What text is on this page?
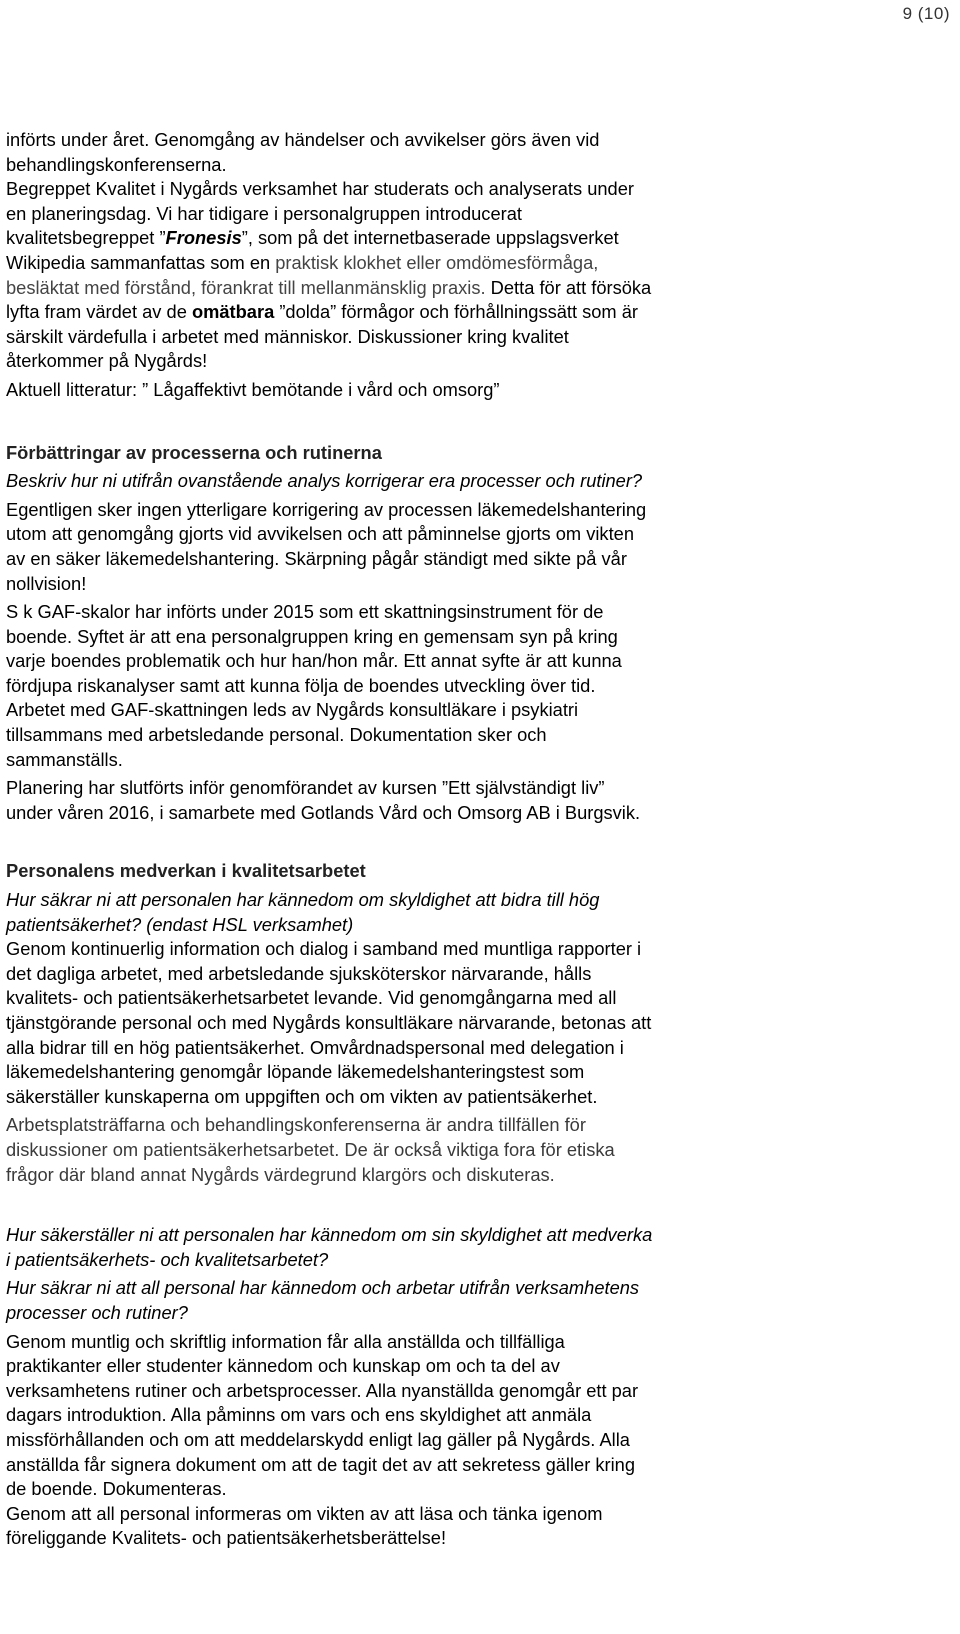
9 (10)

införts under året. Genomgång av händelser och avvikelser görs även vid

behandlingskonferenserna.

Begreppet Kvalitet i Nygårds verksamhet har studerats och analyserats under

en planeringsdag. Vi har tidigare i personalgruppen introducerat

kvalitetsbegreppet ”Fronesis”, som på det internetbaserade uppslagsverket

Wikipedia sammanfattas som en praktisk klokhet eller omdömesförmåga,

besläktat med förstånd, förankrat till mellanmänsklig praxis. Detta för att försöka

lyfta fram värdet av de omätbara ”dolda” förmågor och förhållningssätt som är

särskilt värdefulla i arbetet med människor. Diskussioner kring kvalitet

återkommer på Nygårds!

Aktuell litteratur: ” Lågaffektivt bemötande i vård och omsorg”

Förbättringar av processerna och rutinerna

Beskriv hur ni utifrån ovanstående analys korrigerar era processer och rutiner?

Egentligen sker ingen ytterligare korrigering av processen läkemedelshantering

utom att genomgång gjorts vid avvikelsen och att påminnelse gjorts om vikten

av en säker läkemedelshantering. Skärpning pågår ständigt med sikte på vår

nollvision!

S k GAF-skalor har införts under 2015 som ett skattningsinstrument för de

boende. Syftet är att ena personalgruppen kring en gemensam syn på kring

varje boendes problematik och hur han/hon mår. Ett annat syfte är att kunna

fördjupa riskanalyser samt att kunna följa de boendes utveckling över tid.

Arbetet med GAF-skattningen leds av Nygårds konsultläkare i psykiatri

tillsammans med arbetsledande personal. Dokumentation sker och

sammanställs.

Planering har slutförts inför genomförandet av kursen ”Ett självständigt liv”

under våren 2016, i samarbete med Gotlands Vård och Omsorg AB i Burgsvik.

Personalens medverkan i kvalitetsarbetet

Hur säkrar ni att personalen har kännedom om skyldighet att bidra till hög

patientsäkerhet? (endast HSL verksamhet)

Genom kontinuerlig information och dialog i samband med muntliga rapporter i

det dagliga arbetet, med arbetsledande sjuksköterskor närvarande, hålls

kvalitets- och patientsäkerhetsarbetet levande. Vid genomgångarna med all

tjänstgörande personal och med Nygårds konsultläkare närvarande, betonas att

alla bidrar till en hög patientsäkerhet. Omvårdnadspersonal med delegation i

läkemedelshantering genomgår löpande läkemedelshanteringstest som

säkerställer kunskaperna om uppgiften och om vikten av patientsäkerhet.

Arbetsplatsträffarna och behandlingskonferenserna är andra tillfällen för

diskussioner om patientsäkerhetsarbetet. De är också viktiga fora för etiska

frågor där bland annat Nygårds värdegrund klargörs och diskuteras.

Hur säkerställer ni att personalen har kännedom om sin skyldighet att medverka

i patientsäkerhets- och kvalitetsarbetet?

Hur säkrar ni att all personal har kännedom och arbetar utifrån verksamhetens

processer och rutiner?

Genom muntlig och skriftlig information får alla anställda och tillfälliga

praktikanter eller studenter kännedom och kunskap om och ta del av

verksamhetens rutiner och arbetsprocesser. Alla nyanställda genomgår ett par

dagars introduktion. Alla påminns om vars och ens skyldighet att anmäla

missförhållanden och om att meddelarskydd enligt lag gäller på Nygårds. Alla

anställda får signera dokument om att de tagit det av att sekretess gäller kring

de boende. Dokumenteras.

Genom att all personal informeras om vikten av att läsa och tänka igenom

föreliggande Kvalitets- och patientsäkerhetsberättelse!
